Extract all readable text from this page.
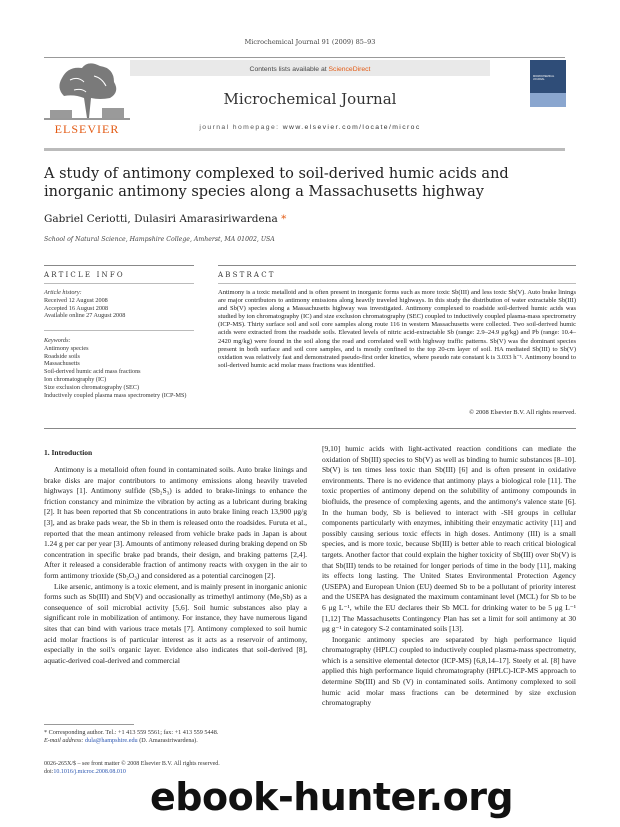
Microchemical Journal 91 (2009) 85–93
ELSEVIER
Contents lists available at ScienceDirect
Microchemical Journal
journal homepage: www.elsevier.com/locate/microc
MICROCHEMICAL JOURNAL
A study of antimony complexed to soil-derived humic acids and inorganic antimony species along a Massachusetts highway
Gabriel Ceriotti, Dulasiri Amarasiriwardena *
School of Natural Science, Hampshire College, Amherst, MA 01002, USA
ARTICLE INFO	ABSTRACT
Article history:
Received 12 August 2008
Accepted 16 August 2008
Available online 27 August 2008
Keywords:
Antimony species
Roadside soils
Massachusetts
Soil-derived humic acid mass fractions
Ion chromatography (IC)
Size exclusion chromatography (SEC)
Inductively coupled plasma mass spectrometry (ICP-MS)
Antimony is a toxic metalloid and is often present in inorganic forms such as more toxic Sb(III) and less toxic Sb(V). Auto brake linings are major contributors to antimony emissions along heavily traveled highways. In this study the distribution of water extractable Sb(III) and Sb(V) species along a Massachusetts highway was investigated. Antimony complexed to roadside soil-derived humic acids was studied by ion chromatography (IC) and size exclusion chromatography (SEC) coupled to inductively coupled plasma-mass spectrometry (ICP-MS). Thirty surface soil and soil core samples along route 116 in western Massachusetts were collected. Two soil-derived humic acids were extracted from the roadside soils. Elevated levels of nitric acid-extractable Sb (range: 2.9–24.9 μg/kg) and Pb (range: 10.4–2420 mg/kg) were found in the soil along the road and correlated well with highway traffic patterns. Sb(V) was the dominant species present in both surface and soil core samples, and is mostly confined to the top 20-cm layer of soil. HA mediated Sb(III) to Sb(V) oxidation was relatively fast and demonstrated pseudo-first order kinetics, where pseudo rate constant k is 3.033 h⁻¹. Antimony bound to soil-derived humic acid molar mass fractions was identified.
© 2008 Elsevier B.V. All rights reserved.
1. Introduction

Antimony is a metalloid often found in contaminated soils. Auto brake linings and brake disks are major contributors to antimony emissions along heavily traveled highways [1]. Antimony sulfide (Sb₂S₃) is added to brake-linings to enhance the friction constancy and minimize the vibration by acting as a lubricant during braking [2]. It has been reported that Sb concentrations in auto brake lining reach 13,900 μg/g [3], and as brake pads wear, the Sb in them is released onto the roadsides. Furuta et al., reported that the mean antimony released from vehicle brake pads in Japan is about 1.24 g per car per year [3]. Amounts of antimony released during braking depend on Sb concentration in specific brake pad brands, their design, and braking patterns [2,4]. After it released a considerable fraction of antimony reacts with oxygen in the air to form antimony trioxide (Sb₂O₃) and considered as a potential carcinogen [2].

Like arsenic, antimony is a toxic element, and is mainly present in inorganic anionic forms such as Sb(III) and Sb(V) and occasionally as trimethyl antimony (Me₃Sb) as a consequence of soil microbial activity [5,6]. Soil humic substances also play a significant role in mobilization of antimony. For instance, they have numerous ligand sites that can bind with various trace metals [7]. Antimony complexed to soil humic acid molar fractions is of particular interest as it acts as a reservoir of antimony, especially in the soil's organic layer. Evidence also indicates that soil-derived [8], aquatic-derived coal-derived and commercial

[9,10] humic acids with light-activated reaction conditions can mediate the oxidation of Sb(III) species to Sb(V) as well as binding to humic substances [8–10]. Sb(V) is ten times less toxic than Sb(III) [6] and is often present in oxidative environments. There is no evidence that antimony plays a biological role [11]. The toxic properties of antimony depend on the solubility of antimony compounds in biofluids, the presence of complexing agents, and the antimony's valence state [6]. In the human body, Sb is believed to interact with -SH groups in cellular components particularly with enzymes, inhibiting their enzymatic activity [11] and possibly causing serious toxic effects in high doses. Antimony (III) is a small species, and is more toxic, because Sb(III) is better able to reach critical biological targets. Another factor that could explain the higher toxicity of Sb(III) over Sb(V) is that Sb(III) tends to be retained for longer periods of time in the body [11], making its effects long lasting. The United States Environmental Protection Agency (USEPA) and European Union (EU) deemed Sb to be a pollutant of priority interest and the USEPA has designated the maximum contaminant level (MCL) for Sb to be 6 μg L⁻¹, while the EU declares their Sb MCL for drinking water to be 5 μg L⁻¹ [1,12] The Massachusetts Contingency Plan has set a limit for soil antimony at 30 μg g⁻¹ in category S-2 contaminated soils [13].

Inorganic antimony species are separated by high performance liquid chromatography (HPLC) coupled to inductively coupled plasma-mass spectrometry, which is a sensitive elemental detector (ICP-MS) [6,8,14–17]. Steely et al. [8] have applied this high performance liquid chromatography (HPLC)-ICP-MS approach to determine Sb(III) and Sb (V) in contaminated soils. Antimony complexed to soil humic acid molar mass fractions can be determined by size exclusion chromatography

* Corresponding author. Tel.: +1 413 559 5561; fax: +1 413 559 5448.
E-mail address: dula@hampshire.edu (D. Amarasiriwardena).
0026-265X/$ – see front matter © 2008 Elsevier B.V. All rights reserved.
doi:10.1016/j.microc.2008.08.010
ebook-hunter.org
